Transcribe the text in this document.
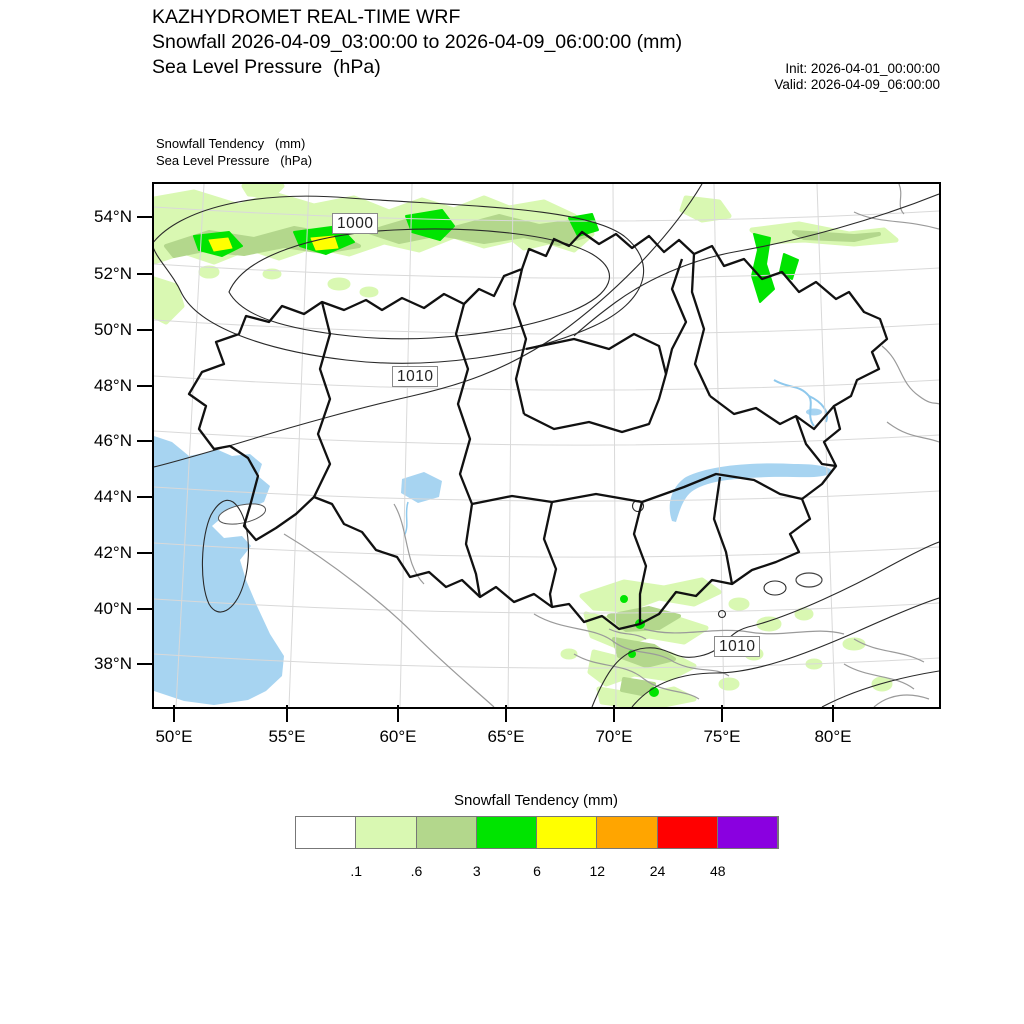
KAZHYDROMET REAL-TIME WRF
Snowfall 2026-04-09_03:00:00 to 2026-04-09_06:00:00 (mm)
Sea Level Pressure  (hPa)	Init: 2026-04-01_00:00:00
Valid: 2026-04-09_06:00:00
Snowfall Tendency   (mm)
Sea Level Pressure   (hPa)
1000
1010
1010
Snowfall Tendency (mm)
.1	.6	3	6	12	24	48
54°N
52°N
50°N
48°N
46°N
44°N
42°N
40°N
38°N
50°E	55°E	60°E	65°E	70°E	75°E	80°E
